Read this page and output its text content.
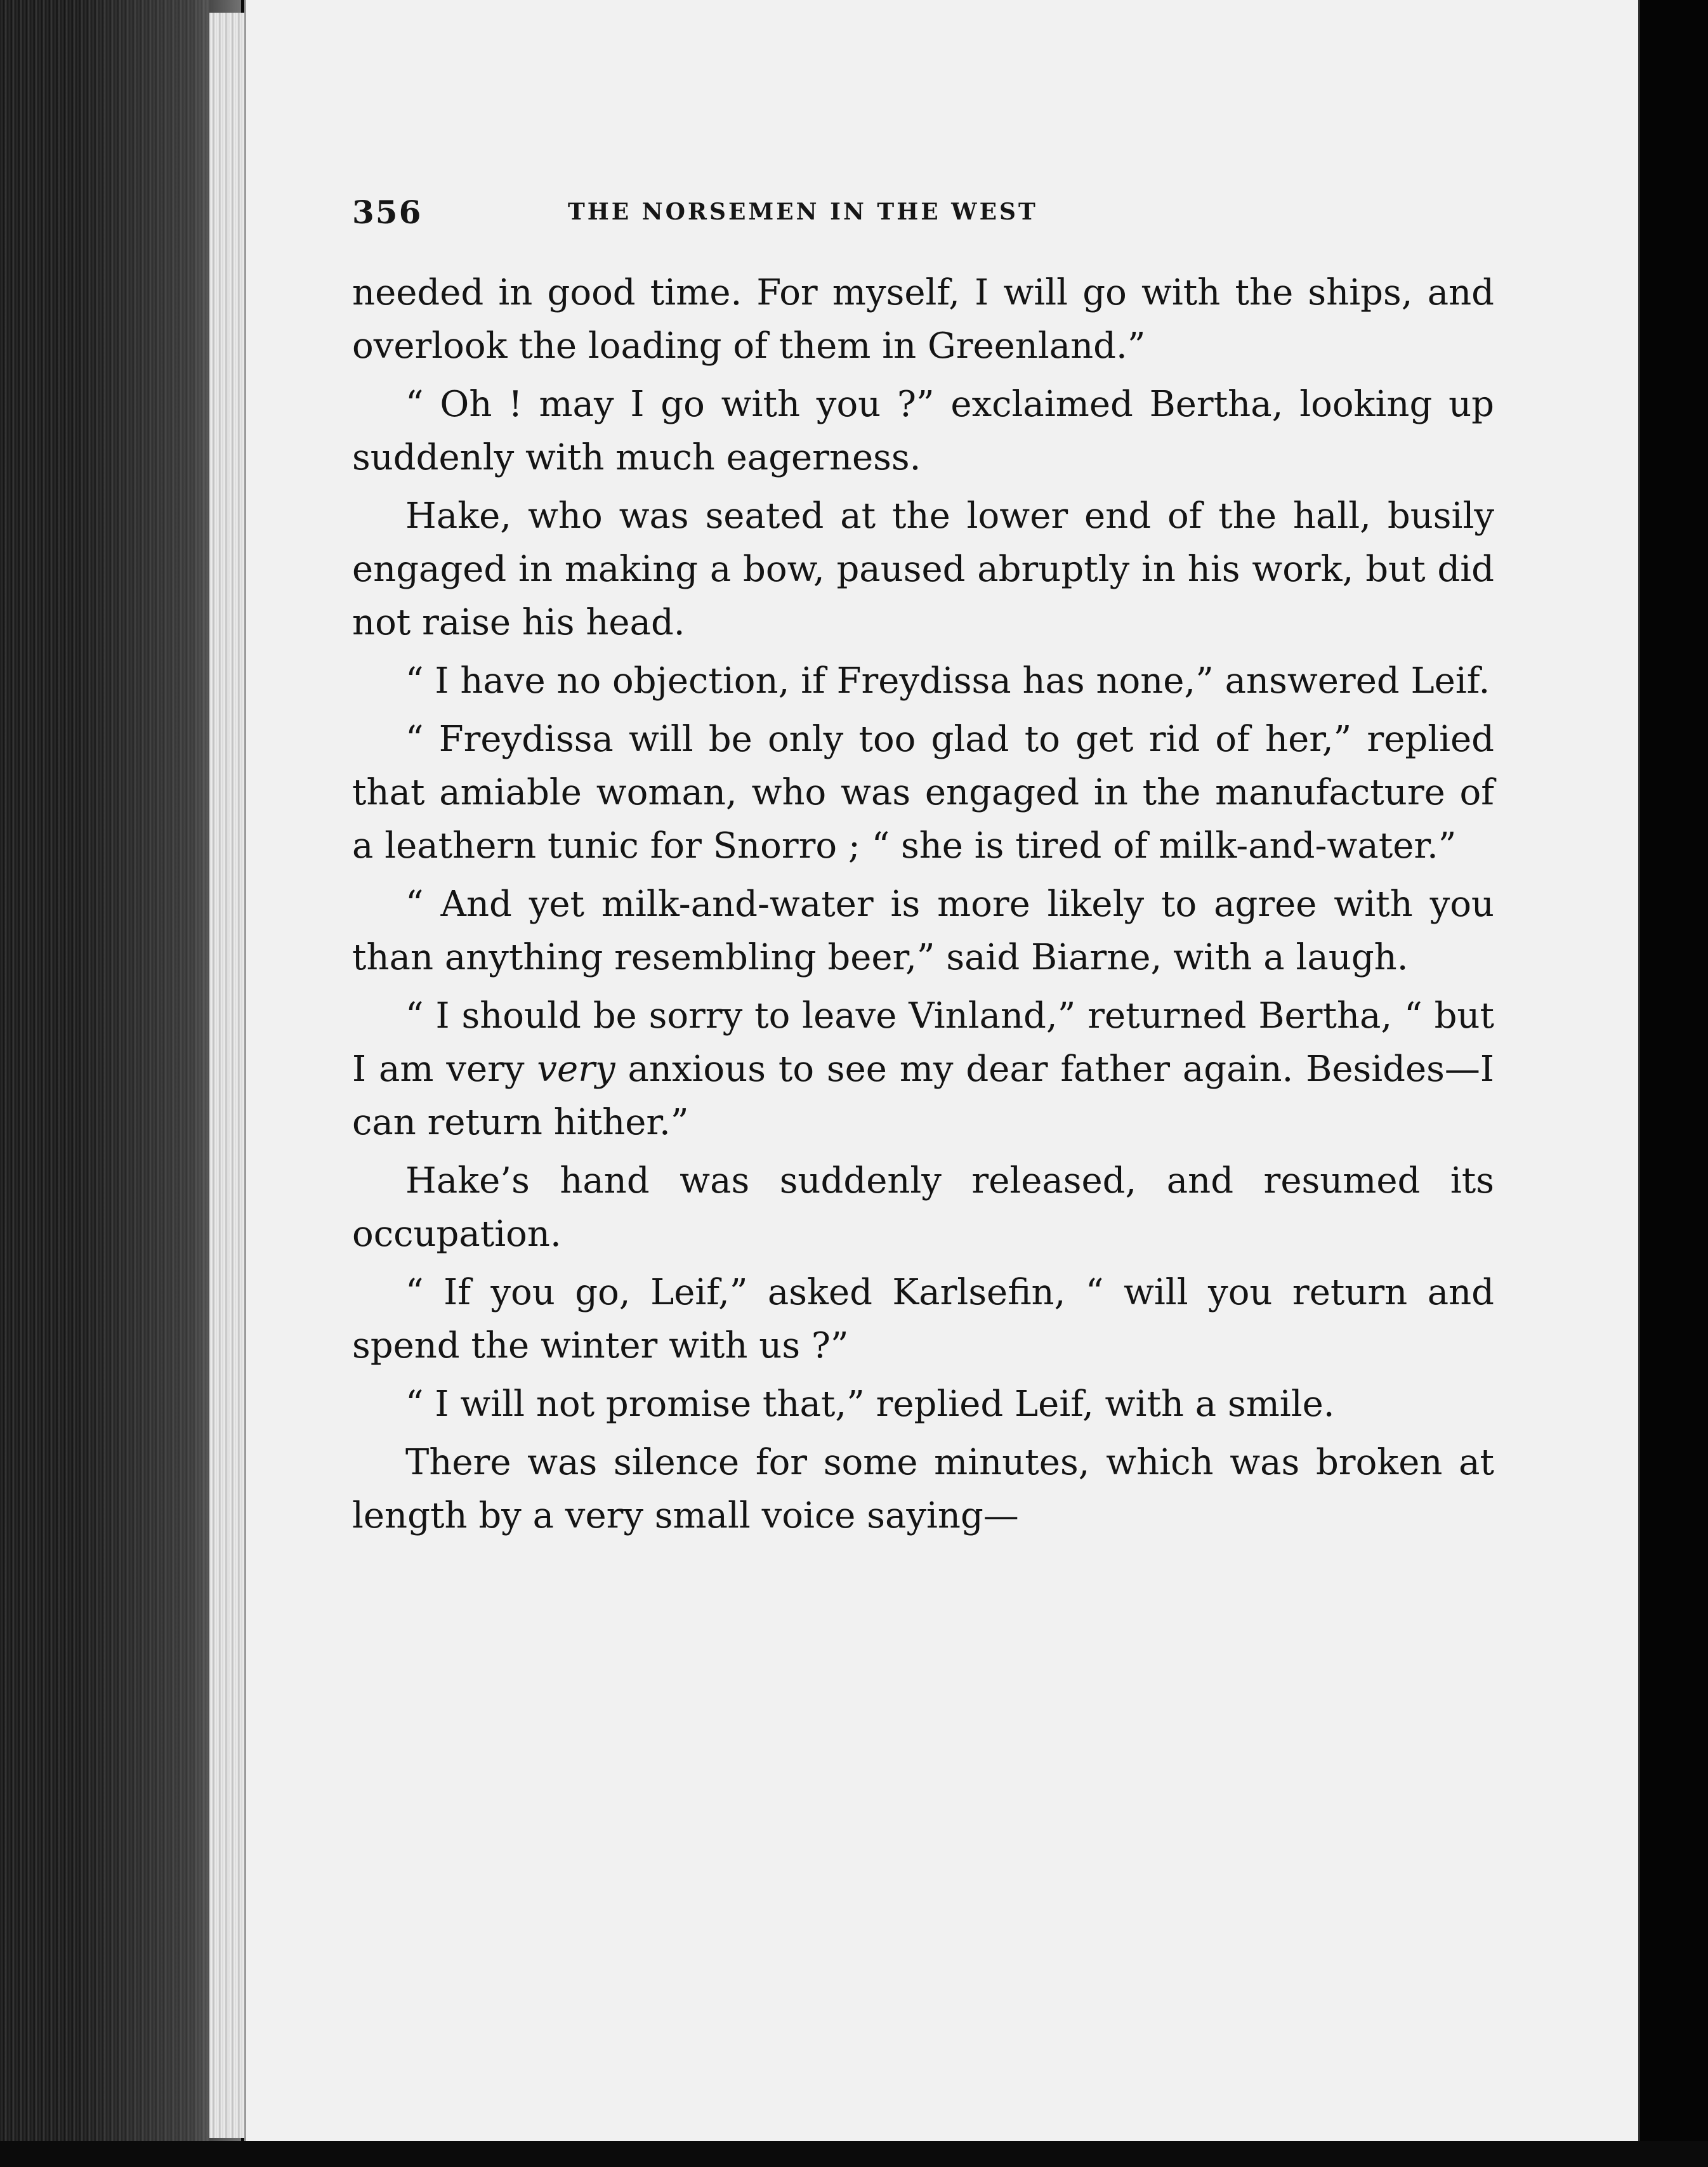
356	THE NORSEMEN IN THE WEST

needed in good time. For myself, I will go with the ships, and overlook the loading of them in Greenland.”

“ Oh ! may I go with you ?” exclaimed Bertha, looking up suddenly with much eagerness.

Hake, who was seated at the lower end of the hall, busily engaged in making a bow, paused abruptly in his work, but did not raise his head.

“ I have no objection, if Freydissa has none,” answered Leif.

“ Freydissa will be only too glad to get rid of her,” replied that amiable woman, who was engaged in the manufacture of a leathern tunic for Snorro ; “ she is tired of milk-and-water.”

“ And yet milk-and-water is more likely to agree with you than anything resembling beer,” said Biarne, with a laugh.

“ I should be sorry to leave Vinland,” returned Bertha, “ but I am very very anxious to see my dear father again. Besides—I can return hither.”

Hake’s hand was suddenly released, and resumed its occupation.

“ If you go, Leif,” asked Karlsefin, “ will you return and spend the winter with us ?”

“ I will not promise that,” replied Leif, with a smile.

There was silence for some minutes, which was broken at length by a very small voice saying—
